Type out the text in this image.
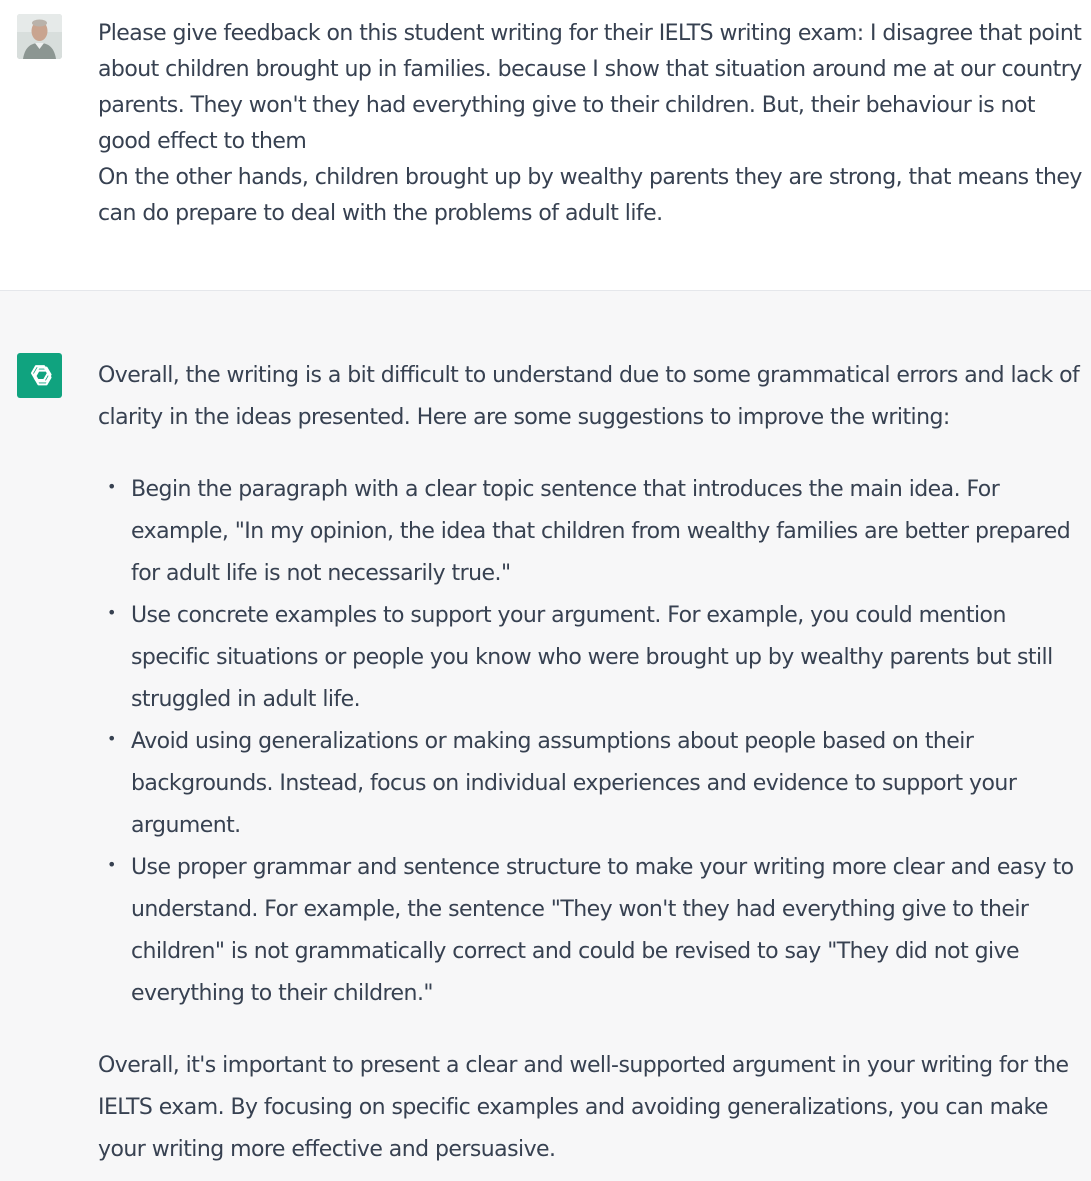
Please give feedback on this student writing for their IELTS writing exam: I disagree that point about children brought up in families. because I show that situation around me at our country parents. They won't they had everything give to their children. But, their behaviour is not good effect to them
On the other hands, children brought up by wealthy parents they are strong, that means they can do prepare to deal with the problems of adult life.

Overall, the writing is a bit difficult to understand due to some grammatical errors and lack of clarity in the ideas presented. Here are some suggestions to improve the writing:

• Begin the paragraph with a clear topic sentence that introduces the main idea. For example, "In my opinion, the idea that children from wealthy families are better prepared for adult life is not necessarily true."
• Use concrete examples to support your argument. For example, you could mention specific situations or people you know who were brought up by wealthy parents but still struggled in adult life.
• Avoid using generalizations or making assumptions about people based on their backgrounds. Instead, focus on individual experiences and evidence to support your argument.
• Use proper grammar and sentence structure to make your writing more clear and easy to understand. For example, the sentence "They won't they had everything give to their children" is not grammatically correct and could be revised to say "They did not give everything to their children."

Overall, it's important to present a clear and well-supported argument in your writing for the IELTS exam. By focusing on specific examples and avoiding generalizations, you can make your writing more effective and persuasive.
